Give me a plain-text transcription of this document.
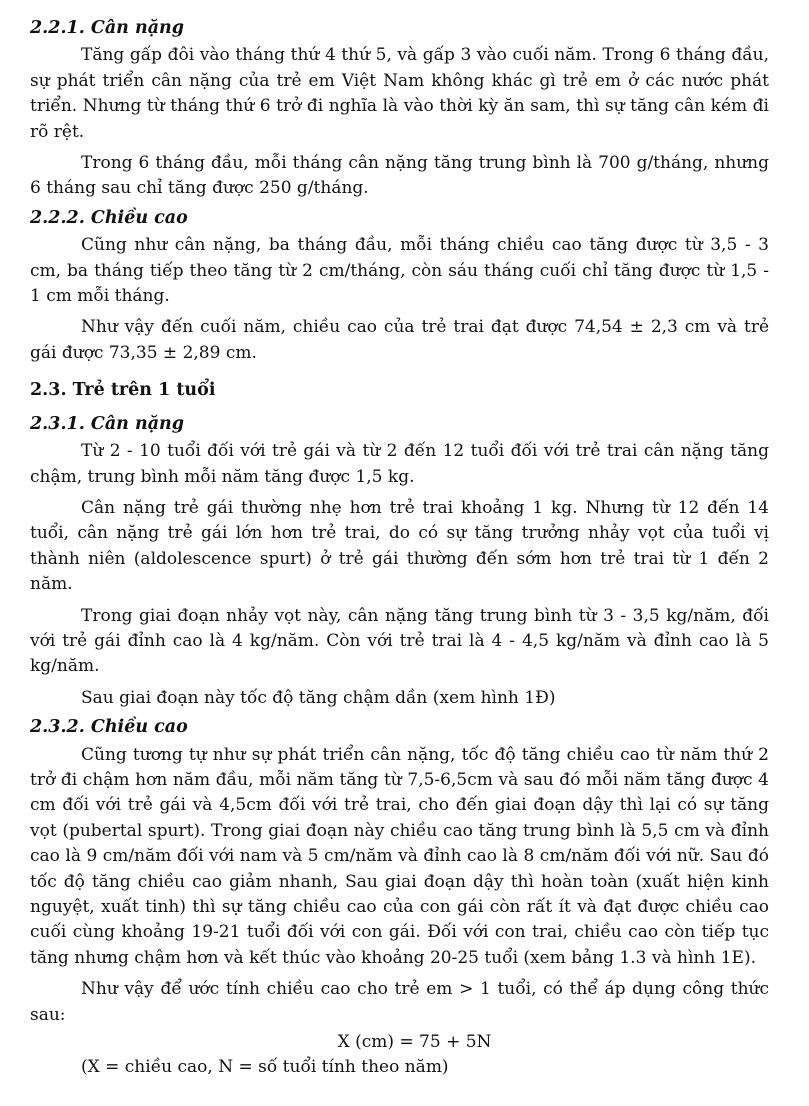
2.2.1. Cân nặng

Tăng gấp đôi vào tháng thứ 4 thứ 5, và gấp 3 vào cuối năm. Trong 6 tháng đầu, sự phát triển cân nặng của trẻ em Việt Nam không khác gì trẻ em ở các nước phát triển. Nhưng từ tháng thứ 6 trở đi nghĩa là vào thời kỳ ăn sam, thì sự tăng cân kém đi rõ rệt.

Trong 6 tháng đầu, mỗi tháng cân nặng tăng trung bình là 700 g/tháng, nhưng 6 tháng sau chỉ tăng được 250 g/tháng.

2.2.2. Chiều cao

Cũng như cân nặng, ba tháng đầu, mỗi tháng chiều cao tăng được từ 3,5 - 3 cm, ba tháng tiếp theo tăng từ 2 cm/tháng, còn sáu tháng cuối chỉ tăng được từ 1,5 - 1 cm mỗi tháng.

Như vậy đến cuối năm, chiều cao của trẻ trai đạt được 74,54 ± 2,3 cm và trẻ gái được 73,35 ± 2,89 cm.

2.3. Trẻ trên 1 tuổi
2.3.1. Cân nặng

Từ 2 - 10 tuổi đối với trẻ gái và từ 2 đến 12 tuổi đối với trẻ trai cân nặng tăng chậm, trung bình mỗi năm tăng được 1,5 kg.

Cân nặng trẻ gái thường nhẹ hơn trẻ trai khoảng 1 kg. Nhưng từ 12 đến 14 tuổi, cân nặng trẻ gái lớn hơn trẻ trai, do có sự tăng trưởng nhảy vọt của tuổi vị thành niên (aldolescence spurt) ở trẻ gái thường đến sớm hơn trẻ trai từ 1 đến 2 năm.

Trong giai đoạn nhảy vọt này, cân nặng tăng trung bình từ 3 - 3,5 kg/năm, đối với trẻ gái đỉnh cao là 4 kg/năm. Còn với trẻ trai là 4 - 4,5 kg/năm và đỉnh cao là 5 kg/năm.

Sau giai đoạn này tốc độ tăng chậm dần (xem hình 1Đ)

2.3.2. Chiều cao

Cũng tương tự như sự phát triển cân nặng, tốc độ tăng chiều cao từ năm thứ 2 trở đi chậm hơn năm đầu, mỗi năm tăng từ 7,5-6,5cm và sau đó mỗi năm tăng được 4 cm đối với trẻ gái và 4,5cm đối với trẻ trai, cho đến giai đoạn dậy thì lại có sự tăng vọt (pubertal spurt). Trong giai đoạn này chiều cao tăng trung bình là 5,5 cm và đỉnh cao là 9 cm/năm đối với nam và 5 cm/năm và đỉnh cao là 8 cm/năm đối với nữ. Sau đó tốc độ tăng chiều cao giảm nhanh, Sau giai đoạn dậy thì hoàn toàn (xuất hiện kinh nguyệt, xuất tinh) thì sự tăng chiều cao của con gái còn rất ít và đạt được chiều cao cuối cùng khoảng 19-21 tuổi đối với con gái. Đối với con trai, chiều cao còn tiếp tục tăng nhưng chậm hơn và kết thúc vào khoảng 20-25 tuổi (xem bảng 1.3 và hình 1E).

Như vậy để ước tính chiều cao cho trẻ em > 1 tuổi, có thể áp dụng công thức sau:

X (cm) = 75 + 5N
(X = chiều cao, N = số tuổi tính theo năm)
